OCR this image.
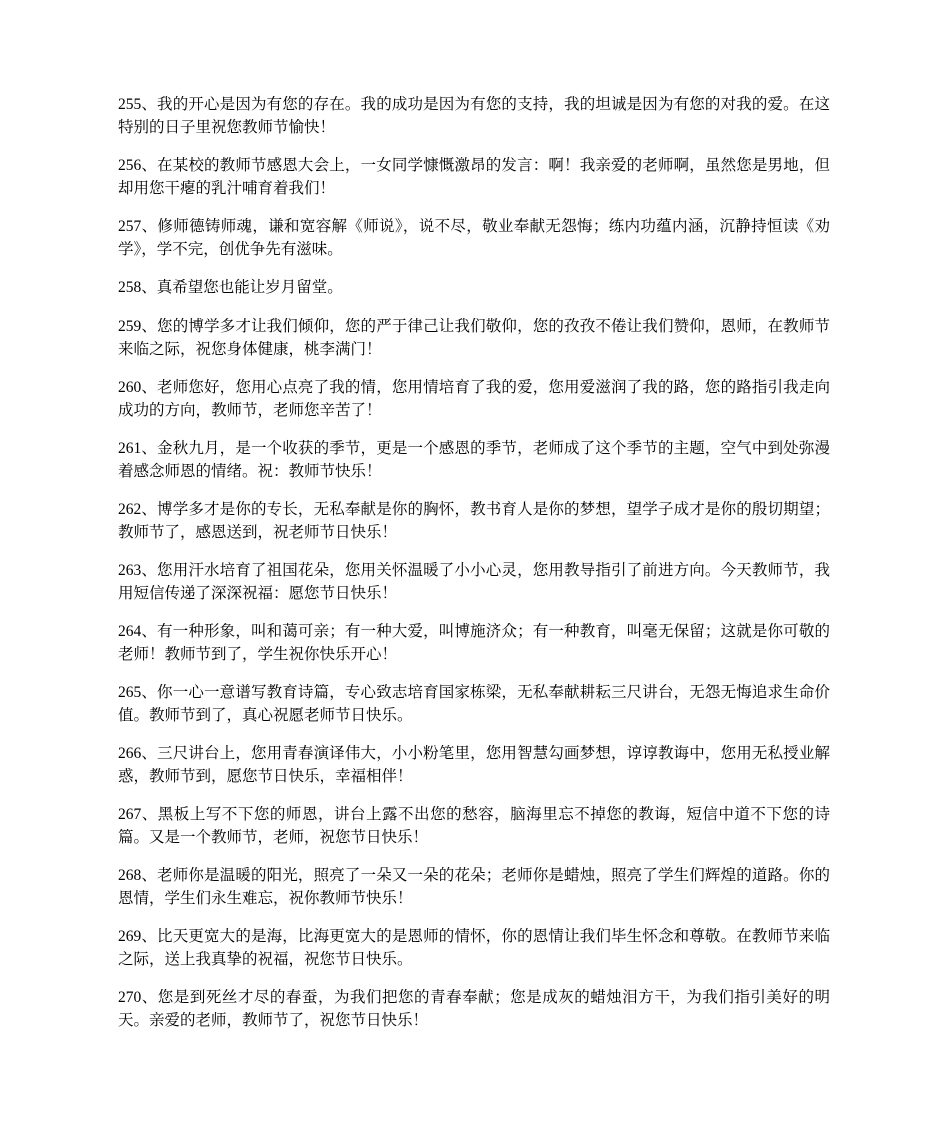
255、我的开心是因为有您的存在。我的成功是因为有您的支持，我的坦诚是因为有您的对我的爱。在这特别的日子里祝您教师节愉快！

256、在某校的教师节感恩大会上，一女同学慷慨激昂的发言：啊！我亲爱的老师啊，虽然您是男地，但却用您干瘪的乳汁哺育着我们！

257、修师德铸师魂，谦和宽容解《师说》，说不尽，敬业奉献无怨悔；练内功蕴内涵，沉静持恒读《劝学》，学不完，创优争先有滋味。

258、真希望您也能让岁月留堂。

259、您的博学多才让我们倾仰，您的严于律己让我们敬仰，您的孜孜不倦让我们赞仰，恩师，在教师节来临之际，祝您身体健康，桃李满门！

260、老师您好，您用心点亮了我的情，您用情培育了我的爱，您用爱滋润了我的路，您的路指引我走向成功的方向，教师节，老师您辛苦了！

261、金秋九月，是一个收获的季节，更是一个感恩的季节，老师成了这个季节的主题，空气中到处弥漫着感念师恩的情绪。祝：教师节快乐！

262、博学多才是你的专长，无私奉献是你的胸怀，教书育人是你的梦想，望学子成才是你的殷切期望；教师节了，感恩送到，祝老师节日快乐！

263、您用汗水培育了祖国花朵，您用关怀温暖了小小心灵，您用教导指引了前进方向。今天教师节，我用短信传递了深深祝福：愿您节日快乐！

264、有一种形象，叫和蔼可亲；有一种大爱，叫博施济众；有一种教育，叫毫无保留；这就是你可敬的老师！教师节到了，学生祝你快乐开心！

265、你一心一意谱写教育诗篇，专心致志培育国家栋梁，无私奉献耕耘三尺讲台，无怨无悔追求生命价值。教师节到了，真心祝愿老师节日快乐。

266、三尺讲台上，您用青春演译伟大，小小粉笔里，您用智慧勾画梦想，谆谆教诲中，您用无私授业解惑，教师节到，愿您节日快乐，幸福相伴！

267、黑板上写不下您的师恩，讲台上露不出您的愁容，脑海里忘不掉您的教诲，短信中道不下您的诗篇。又是一个教师节，老师，祝您节日快乐！

268、老师你是温暖的阳光，照亮了一朵又一朵的花朵；老师你是蜡烛，照亮了学生们辉煌的道路。你的恩情，学生们永生难忘，祝你教师节快乐！

269、比天更宽大的是海，比海更宽大的是恩师的情怀，你的恩情让我们毕生怀念和尊敬。在教师节来临之际，送上我真挚的祝福，祝您节日快乐。

270、您是到死丝才尽的春蚕，为我们把您的青春奉献；您是成灰的蜡烛泪方干，为我们指引美好的明天。亲爱的老师，教师节了，祝您节日快乐！
